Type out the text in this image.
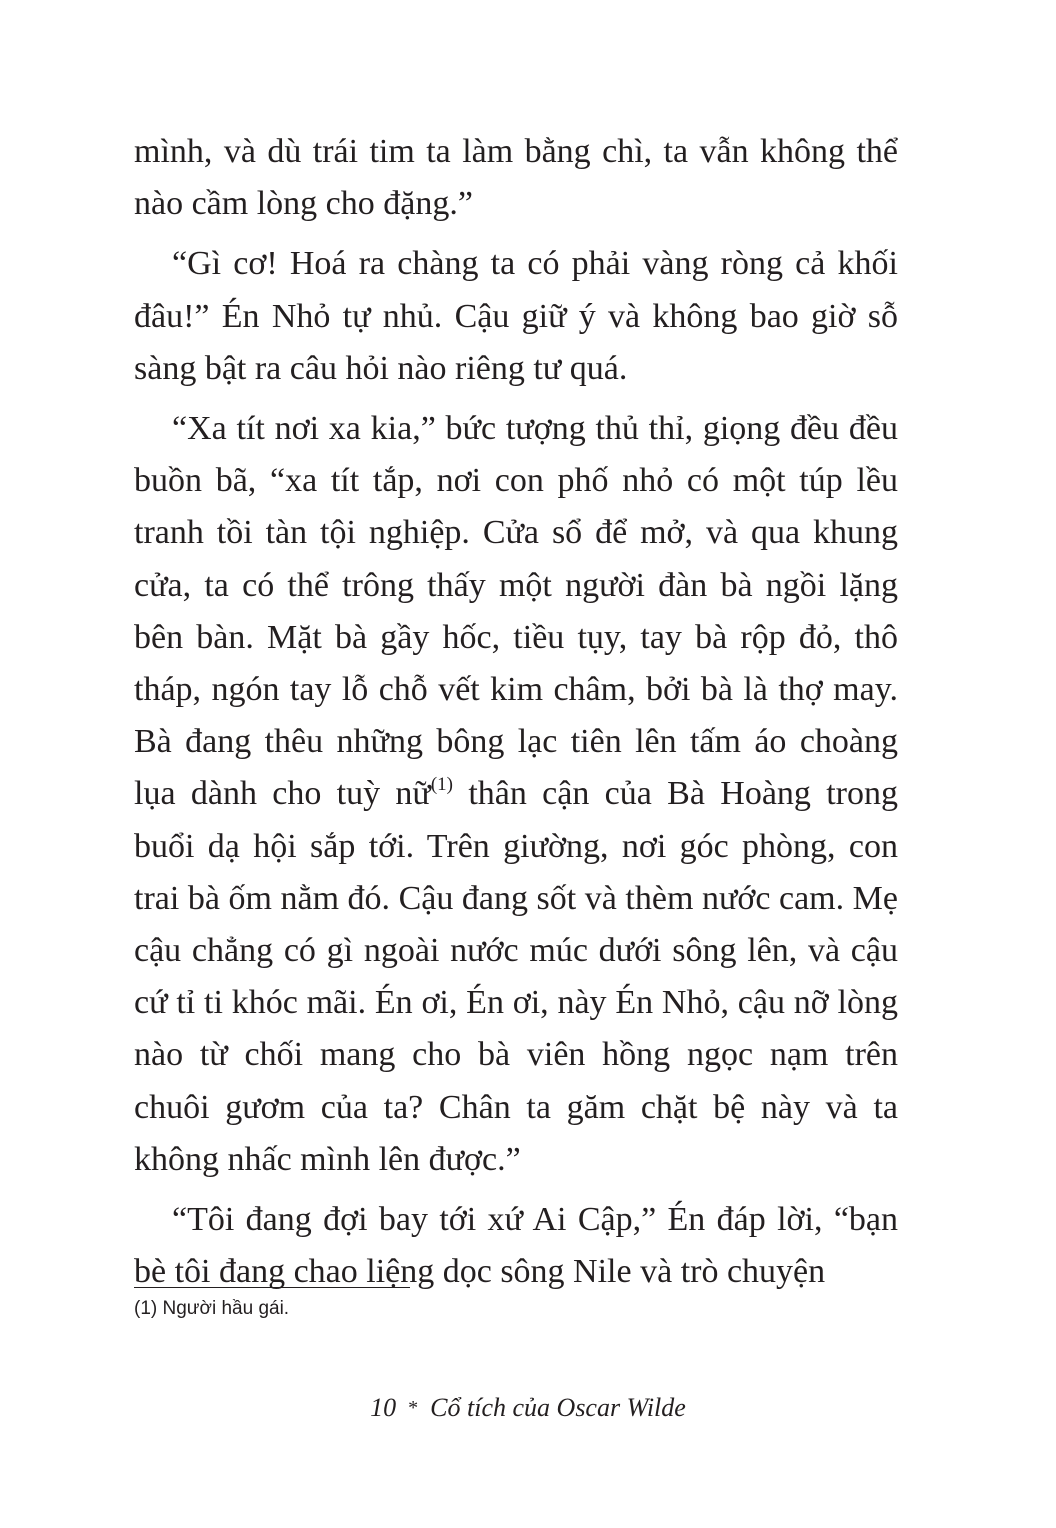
mình, và dù trái tim ta làm bằng chì, ta vẫn không thể nào cầm lòng cho đặng.”

“Gì cơ! Hoá ra chàng ta có phải vàng ròng cả khối đâu!” Én Nhỏ tự nhủ. Cậu giữ ý và không bao giờ sỗ sàng bật ra câu hỏi nào riêng tư quá.

“Xa tít nơi xa kia,” bức tượng thủ thỉ, giọng đều đều buồn bã, “xa tít tắp, nơi con phố nhỏ có một túp lều tranh tồi tàn tội nghiệp. Cửa sổ để mở, và qua khung cửa, ta có thể trông thấy một người đàn bà ngồi lặng bên bàn. Mặt bà gầy hốc, tiều tụy, tay bà rộp đỏ, thô tháp, ngón tay lỗ chỗ vết kim châm, bởi bà là thợ may. Bà đang thêu những bông lạc tiên lên tấm áo choàng lụa dành cho tuỳ nữ$^{(1)}$ thân cận của Bà Hoàng trong buổi dạ hội sắp tới. Trên giường, nơi góc phòng, con trai bà ốm nằm đó. Cậu đang sốt và thèm nước cam. Mẹ cậu chẳng có gì ngoài nước múc dưới sông lên, và cậu cứ tỉ ti khóc mãi. Én ơi, Én ơi, này Én Nhỏ, cậu nỡ lòng nào từ chối mang cho bà viên hồng ngọc nạm trên chuôi gươm của ta? Chân ta găm chặt bệ này và ta không nhấc mình lên được.”

“Tôi đang đợi bay tới xứ Ai Cập,” Én đáp lời, “bạn bè tôi đang chao liệng dọc sông Nile và trò chuyện

(1) Người hầu gái.
10 * Cổ tích của Oscar Wilde
